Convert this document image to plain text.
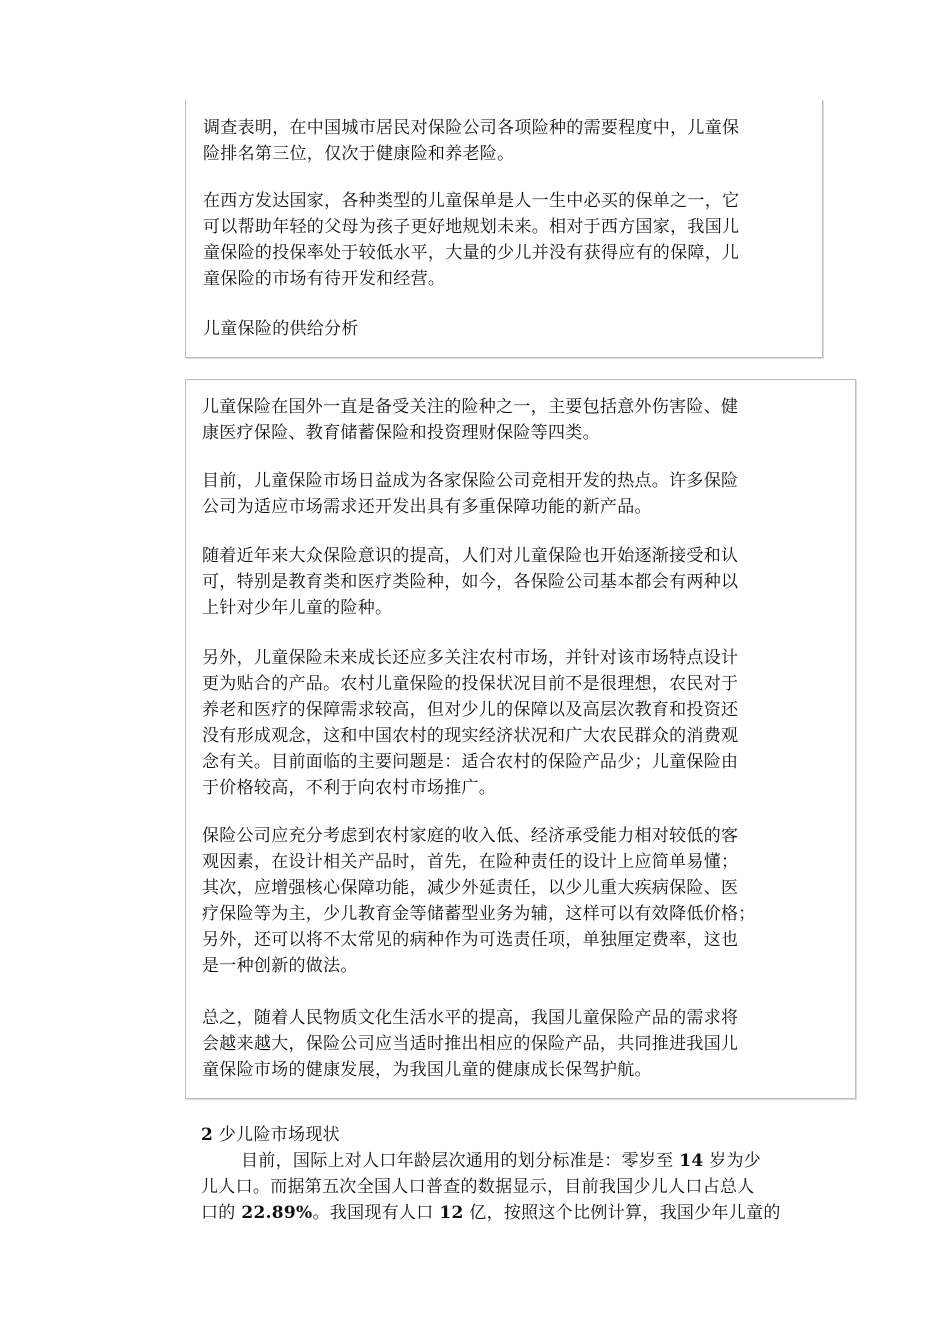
调查表明，在中国城市居民对保险公司各项险种的需要程度中，儿童保
险排名第三位，仅次于健康险和养老险。

在西方发达国家，各种类型的儿童保单是人一生中必买的保单之一，它
可以帮助年轻的父母为孩子更好地规划未来。相对于西方国家，我国儿
童保险的投保率处于较低水平，大量的少儿并没有获得应有的保障，儿
童保险的市场有待开发和经营。

儿童保险的供给分析

儿童保险在国外一直是备受关注的险种之一，主要包括意外伤害险、健
康医疗保险、教育储蓄保险和投资理财保险等四类。

目前，儿童保险市场日益成为各家保险公司竞相开发的热点。许多保险
公司为适应市场需求还开发出具有多重保障功能的新产品。

随着近年来大众保险意识的提高，人们对儿童保险也开始逐渐接受和认
可，特别是教育类和医疗类险种，如今，各保险公司基本都会有两种以
上针对少年儿童的险种。

另外，儿童保险未来成长还应多关注农村市场，并针对该市场特点设计
更为贴合的产品。农村儿童保险的投保状况目前不是很理想，农民对于
养老和医疗的保障需求较高，但对少儿的保障以及高层次教育和投资还
没有形成观念，这和中国农村的现实经济状况和广大农民群众的消费观
念有关。目前面临的主要问题是：适合农村的保险产品少；儿童保险由
于价格较高，不利于向农村市场推广。

保险公司应充分考虑到农村家庭的收入低、经济承受能力相对较低的客
观因素，在设计相关产品时，首先，在险种责任的设计上应简单易懂；
其次，应增强核心保障功能，减少外延责任，以少儿重大疾病保险、医
疗保险等为主，少儿教育金等储蓄型业务为辅，这样可以有效降低价格；
另外，还可以将不太常见的病种作为可选责任项，单独厘定费率，这也
是一种创新的做法。

总之，随着人民物质文化生活水平的提高，我国儿童保险产品的需求将
会越来越大，保险公司应当适时推出相应的保险产品，共同推进我国儿
童保险市场的健康发展，为我国儿童的健康成长保驾护航。

2 少儿险市场现状
目前，国际上对人口年龄层次通用的划分标准是：零岁至 14 岁为少
儿人口。而据第五次全国人口普查的数据显示，目前我国少儿人口占总人
口的 22.89%。我国现有人口 12 亿，按照这个比例计算，我国少年儿童的
